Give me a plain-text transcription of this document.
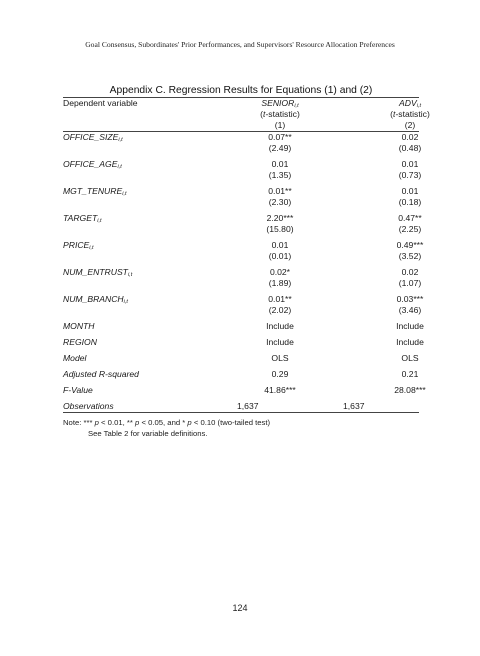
Goal Consensus, Subordinates' Prior Performances, and Supervisors' Resource Allocation Preferences
Appendix C. Regression Results for Equations (1) and (2)
Dependent variable	$SENIOR_{i,t}$	$ADV_{i,t}$
	(t-statistic)	(t-statistic)
	(1)	(2)
$OFFICE\_SIZE_{i,t}$	0.07**	0.02
	(2.49)	(0.48)

$OFFICE\_AGE_{i,t}$	0.01	0.01
	(1.35)	(0.73)

$MGT\_TENURE_{i,t}$	0.01**	0.01
	(2.30)	(0.18)

$TARGET_{i,t}$	2.20***	0.47**
	(15.80)	(2.25)

$PRICE_{i,t}$	0.01	0.49***
	(0.01)	(3.52)

$NUM\_ENTRUST_{i,t}$	0.02*	0.02
	(1.89)	(1.07)

$NUM\_BRANCH_{i,t}$	0.01**	0.03***
	(2.02)	(3.46)

MONTH	Include	Include

REGION	Include	Include

Model	OLS	OLS

Adjusted R-squared	0.29	0.21

F-Value	41.86***	28.08***

Observations	1,637	1,637
Note: *** p < 0.01, ** p < 0.05, and * p < 0.10 (two-tailed test)
See Table 2 for variable definitions.
124
